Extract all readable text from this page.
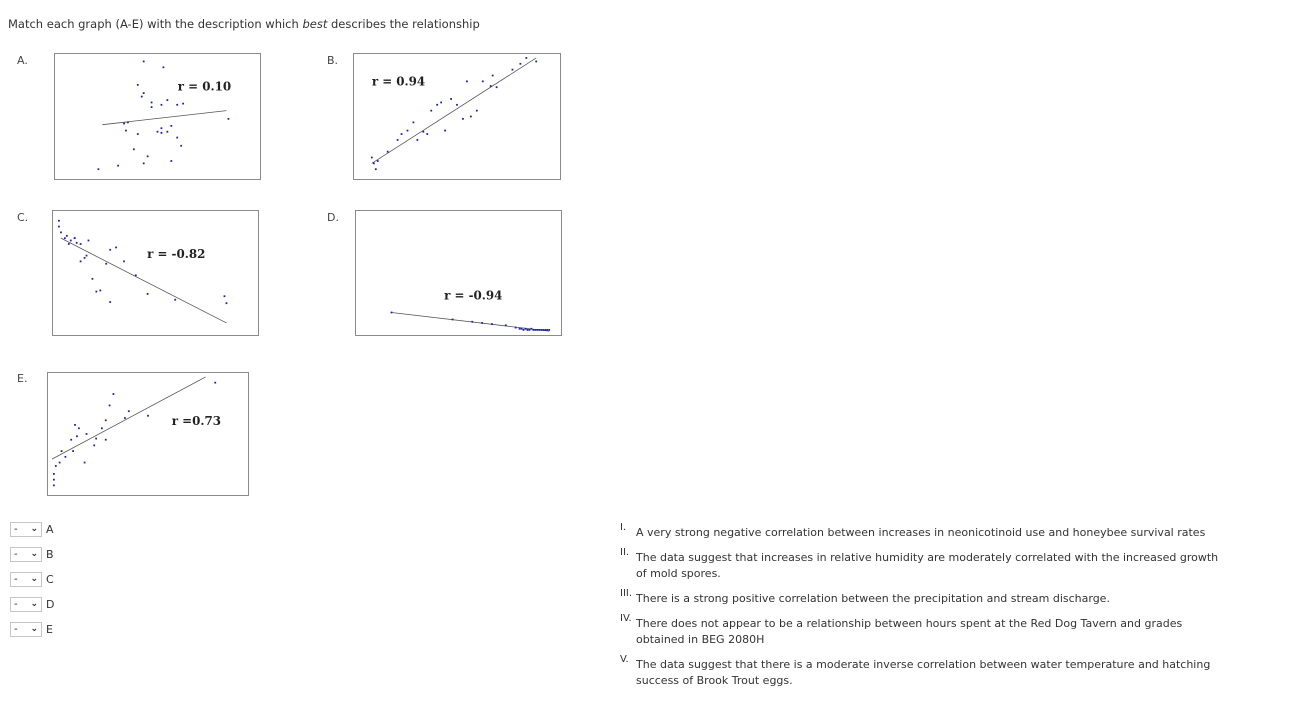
Match each graph (A-E) with the description which best describes the relationship
A.	B.
C.	D.
E.
r = 0.10	r = 0.94
r = -0.82
r = -0.94
r =0.73
- ⌄ A
- ⌄ B
- ⌄ C
- ⌄ D
- ⌄ E
I. A very strong negative correlation between increases in neonicotinoid use and honeybee survival rates
II. The data suggest that increases in relative humidity are moderately correlated with the increased growth of mold spores.
III. There is a strong positive correlation between the precipitation and stream discharge.
IV. There does not appear to be a relationship between hours spent at the Red Dog Tavern and grades obtained in BEG 2080H
V. The data suggest that there is a moderate inverse correlation between water temperature and hatching success of Brook Trout eggs.
